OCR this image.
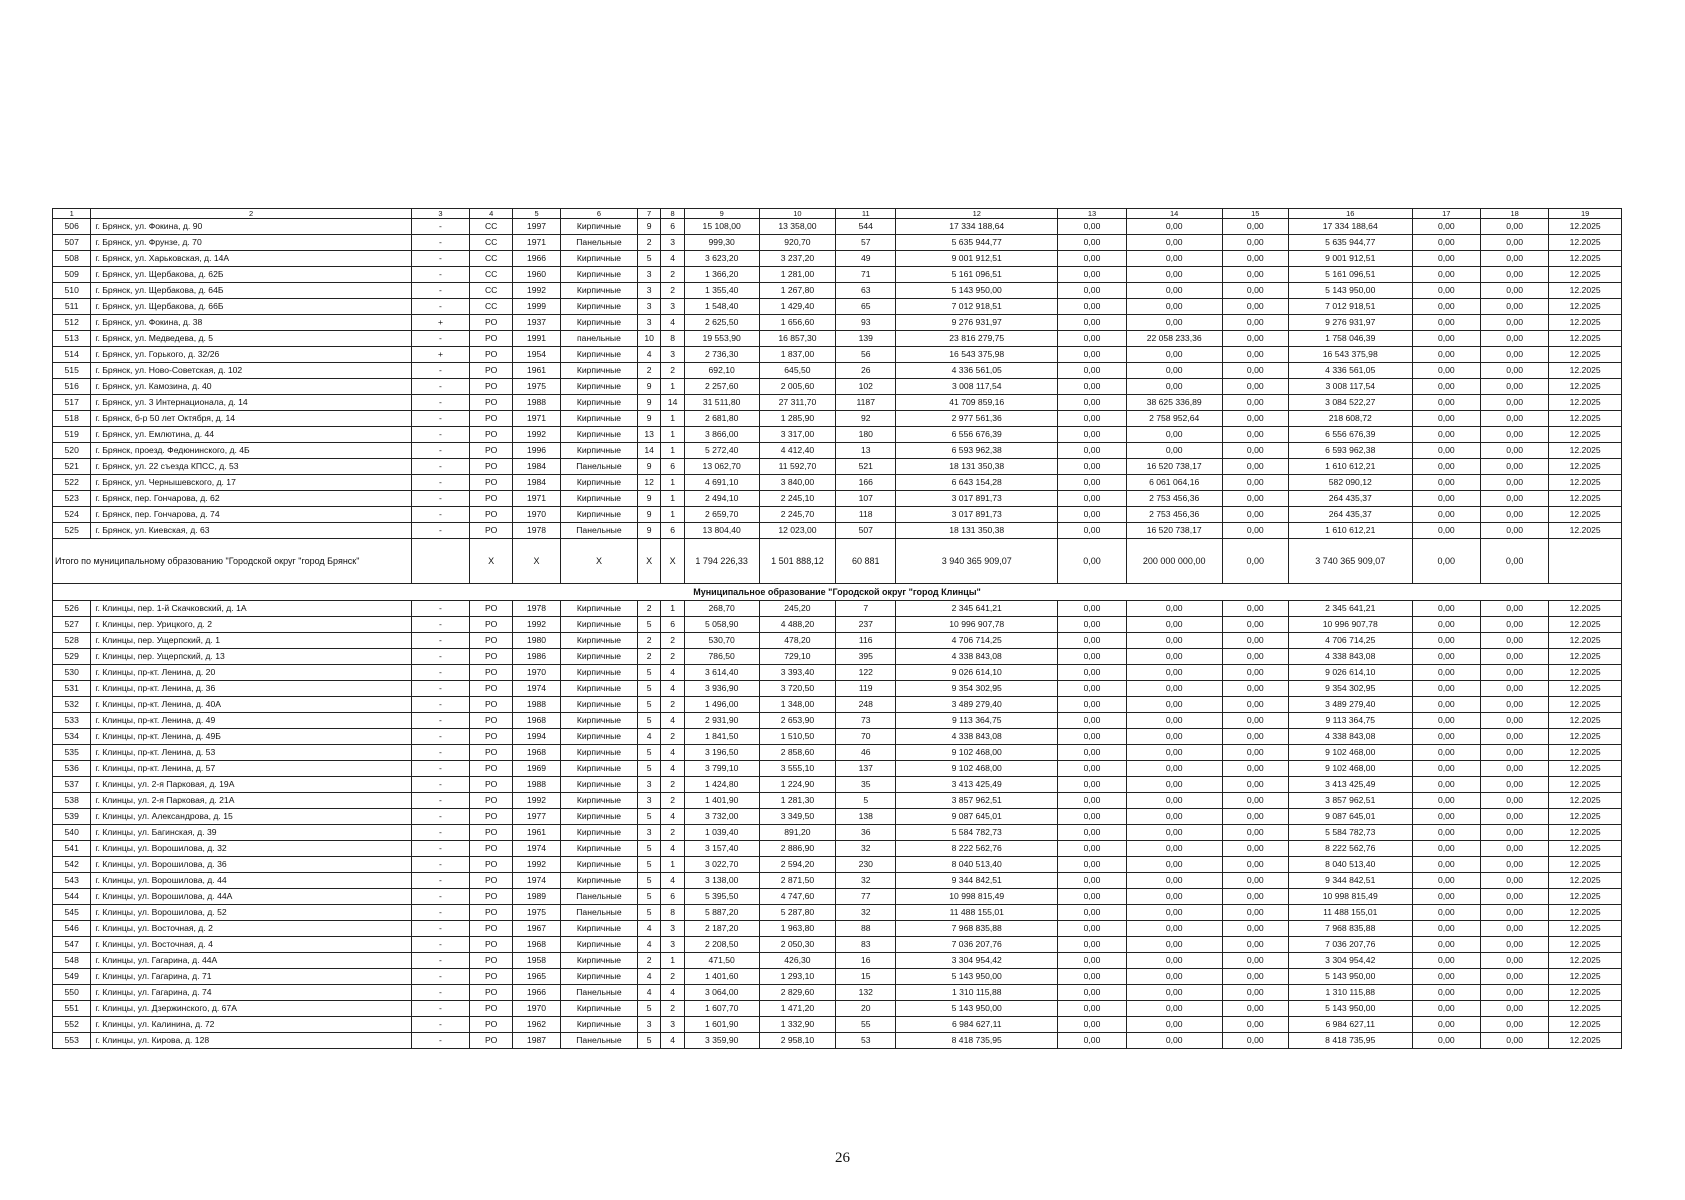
1	2	3	4	5	6	7	8	9	10	11	12	13	14	15	16	17	18	19
506	г. Брянск, ул. Фокина, д. 90	-	СС	1997	Кирпичные	9	6	15 108,00	13 358,00	544	17 334 188,64	0,00	0,00	0,00	17 334 188,64	0,00	0,00	12.2025
507	г. Брянск, ул. Фрунзе, д. 70	-	СС	1971	Панельные	2	3	999,30	920,70	57	5 635 944,77	0,00	0,00	0,00	5 635 944,77	0,00	0,00	12.2025
508	г. Брянск, ул. Харьковская, д. 14А	-	СС	1966	Кирпичные	5	4	3 623,20	3 237,20	49	9 001 912,51	0,00	0,00	0,00	9 001 912,51	0,00	0,00	12.2025
509	г. Брянск, ул. Щербакова, д. 62Б	-	СС	1960	Кирпичные	3	2	1 366,20	1 281,00	71	5 161 096,51	0,00	0,00	0,00	5 161 096,51	0,00	0,00	12.2025
510	г. Брянск, ул. Щербакова, д. 64Б	-	СС	1992	Кирпичные	3	2	1 355,40	1 267,80	63	5 143 950,00	0,00	0,00	0,00	5 143 950,00	0,00	0,00	12.2025
511	г. Брянск, ул. Щербакова, д. 66Б	-	СС	1999	Кирпичные	3	3	1 548,40	1 429,40	65	7 012 918,51	0,00	0,00	0,00	7 012 918,51	0,00	0,00	12.2025
512	г. Брянск, ул. Фокина, д. 38	+	РО	1937	Кирпичные	3	4	2 625,50	1 656,60	93	9 276 931,97	0,00	0,00	0,00	9 276 931,97	0,00	0,00	12.2025
513	г. Брянск, ул. Медведева, д. 5	-	РО	1991	панельные	10	8	19 553,90	16 857,30	139	23 816 279,75	0,00	22 058 233,36	0,00	1 758 046,39	0,00	0,00	12.2025
514	г. Брянск, ул. Горького, д. 32/26	+	РО	1954	Кирпичные	4	3	2 736,30	1 837,00	56	16 543 375,98	0,00	0,00	0,00	16 543 375,98	0,00	0,00	12.2025
515	г. Брянск, ул. Ново-Советская, д. 102	-	РО	1961	Кирпичные	2	2	692,10	645,50	26	4 336 561,05	0,00	0,00	0,00	4 336 561,05	0,00	0,00	12.2025
516	г. Брянск, ул. Камозина, д. 40	-	РО	1975	Кирпичные	9	1	2 257,60	2 005,60	102	3 008 117,54	0,00	0,00	0,00	3 008 117,54	0,00	0,00	12.2025
517	г. Брянск, ул. 3 Интернационала, д. 14	-	РО	1988	Кирпичные	9	14	31 511,80	27 311,70	1187	41 709 859,16	0,00	38 625 336,89	0,00	3 084 522,27	0,00	0,00	12.2025
518	г. Брянск, б-р 50 лет Октября, д. 14	-	РО	1971	Кирпичные	9	1	2 681,80	1 285,90	92	2 977 561,36	0,00	2 758 952,64	0,00	218 608,72	0,00	0,00	12.2025
519	г. Брянск, ул. Емлютина, д. 44	-	РО	1992	Кирпичные	13	1	3 866,00	3 317,00	180	6 556 676,39	0,00	0,00	0,00	6 556 676,39	0,00	0,00	12.2025
520	г. Брянск, проезд. Федюнинского, д. 4Б	-	РО	1996	Кирпичные	14	1	5 272,40	4 412,40	13	6 593 962,38	0,00	0,00	0,00	6 593 962,38	0,00	0,00	12.2025
521	г. Брянск, ул. 22 съезда КПСС, д. 53	-	РО	1984	Панельные	9	6	13 062,70	11 592,70	521	18 131 350,38	0,00	16 520 738,17	0,00	1 610 612,21	0,00	0,00	12.2025
522	г. Брянск, ул. Чернышевского, д. 17	-	РО	1984	Кирпичные	12	1	4 691,10	3 840,00	166	6 643 154,28	0,00	6 061 064,16	0,00	582 090,12	0,00	0,00	12.2025
523	г. Брянск, пер. Гончарова, д. 62	-	РО	1971	Кирпичные	9	1	2 494,10	2 245,10	107	3 017 891,73	0,00	2 753 456,36	0,00	264 435,37	0,00	0,00	12.2025
524	г. Брянск, пер. Гончарова, д. 74	-	РО	1970	Кирпичные	9	1	2 659,70	2 245,70	118	3 017 891,73	0,00	2 753 456,36	0,00	264 435,37	0,00	0,00	12.2025
525	г. Брянск, ул. Киевская, д. 63	-	РО	1978	Панельные	9	6	13 804,40	12 023,00	507	18 131 350,38	0,00	16 520 738,17	0,00	1 610 612,21	0,00	0,00	12.2025
Итого по муниципальному образованию "Городской округ "город Брянск"			Х	Х	Х	Х	Х	1 794 226,33	1 501 888,12	60 881	3 940 365 909,07	0,00	200 000 000,00	0,00	3 740 365 909,07	0,00	0,00	
Муниципальное образование "Городской округ "город Клинцы"																		
526	г. Клинцы, пер. 1-й Скачковский, д. 1А	-	РО	1978	Кирпичные	2	1	268,70	245,20	7	2 345 641,21	0,00	0,00	0,00	2 345 641,21	0,00	0,00	12.2025
527	г. Клинцы, пер. Урицкого, д. 2	-	РО	1992	Кирпичные	5	6	5 058,90	4 488,20	237	10 996 907,78	0,00	0,00	0,00	10 996 907,78	0,00	0,00	12.2025
528	г. Клинцы, пер. Ущерпский, д. 1	-	РО	1980	Кирпичные	2	2	530,70	478,20	116	4 706 714,25	0,00	0,00	0,00	4 706 714,25	0,00	0,00	12.2025
529	г. Клинцы, пер. Ущерпский, д. 13	-	РО	1986	Кирпичные	2	2	786,50	729,10	395	4 338 843,08	0,00	0,00	0,00	4 338 843,08	0,00	0,00	12.2025
530	г. Клинцы, пр-кт. Ленина, д. 20	-	РО	1970	Кирпичные	5	4	3 614,40	3 393,40	122	9 026 614,10	0,00	0,00	0,00	9 026 614,10	0,00	0,00	12.2025
531	г. Клинцы, пр-кт. Ленина, д. 36	-	РО	1974	Кирпичные	5	4	3 936,90	3 720,50	119	9 354 302,95	0,00	0,00	0,00	9 354 302,95	0,00	0,00	12.2025
532	г. Клинцы, пр-кт. Ленина, д. 40А	-	РО	1988	Кирпичные	5	2	1 496,00	1 348,00	248	3 489 279,40	0,00	0,00	0,00	3 489 279,40	0,00	0,00	12.2025
533	г. Клинцы, пр-кт. Ленина, д. 49	-	РО	1968	Кирпичные	5	4	2 931,90	2 653,90	73	9 113 364,75	0,00	0,00	0,00	9 113 364,75	0,00	0,00	12.2025
534	г. Клинцы, пр-кт. Ленина, д. 49Б	-	РО	1994	Кирпичные	4	2	1 841,50	1 510,50	70	4 338 843,08	0,00	0,00	0,00	4 338 843,08	0,00	0,00	12.2025
535	г. Клинцы, пр-кт. Ленина, д. 53	-	РО	1968	Кирпичные	5	4	3 196,50	2 858,60	46	9 102 468,00	0,00	0,00	0,00	9 102 468,00	0,00	0,00	12.2025
536	г. Клинцы, пр-кт. Ленина, д. 57	-	РО	1969	Кирпичные	5	4	3 799,10	3 555,10	137	9 102 468,00	0,00	0,00	0,00	9 102 468,00	0,00	0,00	12.2025
537	г. Клинцы, ул. 2-я Парковая, д. 19А	-	РО	1988	Кирпичные	3	2	1 424,80	1 224,90	35	3 413 425,49	0,00	0,00	0,00	3 413 425,49	0,00	0,00	12.2025
538	г. Клинцы, ул. 2-я Парковая, д. 21А	-	РО	1992	Кирпичные	3	2	1 401,90	1 281,30	5	3 857 962,51	0,00	0,00	0,00	3 857 962,51	0,00	0,00	12.2025
539	г. Клинцы, ул. Александрова, д. 15	-	РО	1977	Кирпичные	5	4	3 732,00	3 349,50	138	9 087 645,01	0,00	0,00	0,00	9 087 645,01	0,00	0,00	12.2025
540	г. Клинцы, ул. Багинская, д. 39	-	РО	1961	Кирпичные	3	2	1 039,40	891,20	36	5 584 782,73	0,00	0,00	0,00	5 584 782,73	0,00	0,00	12.2025
541	г. Клинцы, ул. Ворошилова, д. 32	-	РО	1974	Кирпичные	5	4	3 157,40	2 886,90	32	8 222 562,76	0,00	0,00	0,00	8 222 562,76	0,00	0,00	12.2025
542	г. Клинцы, ул. Ворошилова, д. 36	-	РО	1992	Кирпичные	5	1	3 022,70	2 594,20	230	8 040 513,40	0,00	0,00	0,00	8 040 513,40	0,00	0,00	12.2025
543	г. Клинцы, ул. Ворошилова, д. 44	-	РО	1974	Кирпичные	5	4	3 138,00	2 871,50	32	9 344 842,51	0,00	0,00	0,00	9 344 842,51	0,00	0,00	12.2025
544	г. Клинцы, ул. Ворошилова, д. 44А	-	РО	1989	Панельные	5	6	5 395,50	4 747,60	77	10 998 815,49	0,00	0,00	0,00	10 998 815,49	0,00	0,00	12.2025
545	г. Клинцы, ул. Ворошилова, д. 52	-	РО	1975	Панельные	5	8	5 887,20	5 287,80	32	11 488 155,01	0,00	0,00	0,00	11 488 155,01	0,00	0,00	12.2025
546	г. Клинцы, ул. Восточная, д. 2	-	РО	1967	Кирпичные	4	3	2 187,20	1 963,80	88	7 968 835,88	0,00	0,00	0,00	7 968 835,88	0,00	0,00	12.2025
547	г. Клинцы, ул. Восточная, д. 4	-	РО	1968	Кирпичные	4	3	2 208,50	2 050,30	83	7 036 207,76	0,00	0,00	0,00	7 036 207,76	0,00	0,00	12.2025
548	г. Клинцы, ул. Гагарина, д. 44А	-	РО	1958	Кирпичные	2	1	471,50	426,30	16	3 304 954,42	0,00	0,00	0,00	3 304 954,42	0,00	0,00	12.2025
549	г. Клинцы, ул. Гагарина, д. 71	-	РО	1965	Кирпичные	4	2	1 401,60	1 293,10	15	5 143 950,00	0,00	0,00	0,00	5 143 950,00	0,00	0,00	12.2025
550	г. Клинцы, ул. Гагарина, д. 74	-	РО	1966	Панельные	4	4	3 064,00	2 829,60	132	1 310 115,88	0,00	0,00	0,00	1 310 115,88	0,00	0,00	12.2025
551	г. Клинцы, ул. Дзержинского, д. 67А	-	РО	1970	Кирпичные	5	2	1 607,70	1 471,20	20	5 143 950,00	0,00	0,00	0,00	5 143 950,00	0,00	0,00	12.2025
552	г. Клинцы, ул. Калинина, д. 72	-	РО	1962	Кирпичные	3	3	1 601,90	1 332,90	55	6 984 627,11	0,00	0,00	0,00	6 984 627,11	0,00	0,00	12.2025
553	г. Клинцы, ул. Кирова, д. 128	-	РО	1987	Панельные	5	4	3 359,90	2 958,10	53	8 418 735,95	0,00	0,00	0,00	8 418 735,95	0,00	0,00	12.2025
26
